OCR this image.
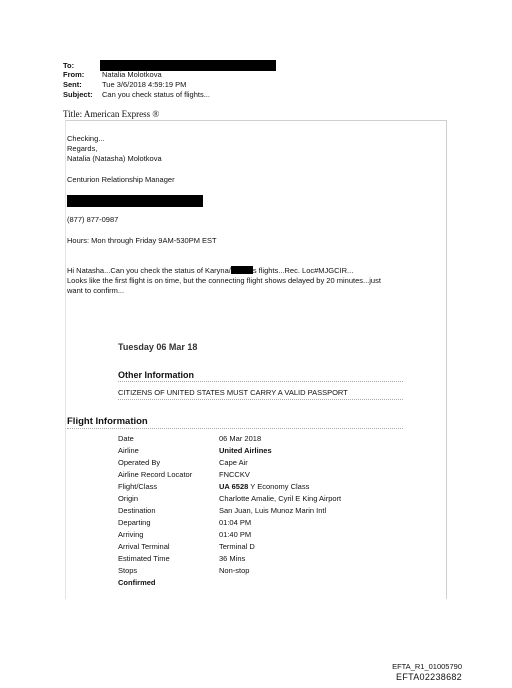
To:
From: Natalia Molotkova
Sent:	Tue 3/6/2018 4:59:19 PM
Subject: Can you check status of flights...
Title: American Express ®
Checking...
Regards,
Natalia (Natasha) Molotkova
Centurion Relationship Manager
(877) 877-0987
Hours: Mon through Friday 9AM-530PM EST
Hi Natasha...Can you check the status of Karyna/	s flights...Rec. Loc#MJGCIR...
Looks like the first flight is on time, but the connecting flight shows delayed by 20 minutes...just
want to confirm...
Tuesday 06 Mar 18
Other Information
CITIZENS OF UNITED STATES MUST CARRY A VALID PASSPORT
Flight Information
Date	06 Mar 2018
Airline	United Airlines
Operated By	Cape Air
Airline Record Locator	FNCCKV
Flight/Class	UA 6528 Y Economy Class
Origin	Charlotte Amalie, Cyril E King Airport
Destination	San Juan, Luis Munoz Marin Intl
Departing	01:04 PM
Arriving	01:40 PM
Arrival Terminal	Terminal D
Estimated Time	36 Mins
Stops	Non-stop
Confirmed
EFTA_R1_01005790
EFTA02238682
